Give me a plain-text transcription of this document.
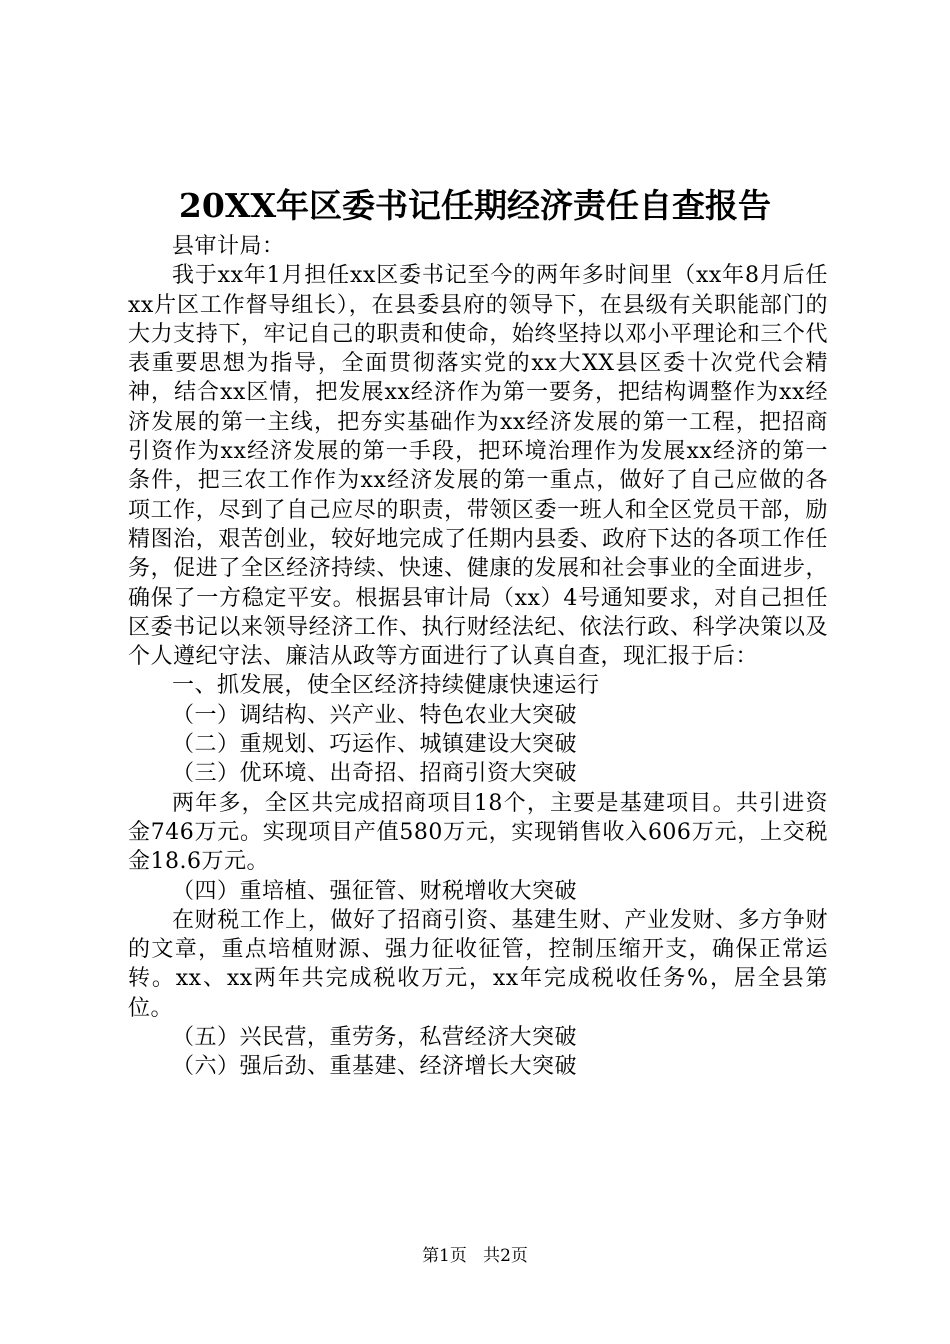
20XX年区委书记任期经济责任自查报告

县审计局：

我于xx年1月担任xx区委书记至今的两年多时间里（xx年8月后任xx片区工作督导组长），在县委县府的领导下，在县级有关职能部门的大力支持下，牢记自己的职责和使命，始终坚持以邓小平理论和三个代表重要思想为指导，全面贯彻落实党的xx大XX县区委十次党代会精神，结合xx区情，把发展xx经济作为第一要务，把结构调整作为xx经济发展的第一主线，把夯实基础作为xx经济发展的第一工程，把招商引资作为xx经济发展的第一手段，把环境治理作为发展xx经济的第一条件，把三农工作作为xx经济发展的第一重点，做好了自己应做的各项工作，尽到了自己应尽的职责，带领区委一班人和全区党员干部，励精图治，艰苦创业，较好地完成了任期内县委、政府下达的各项工作任务，促进了全区经济持续、快速、健康的发展和社会事业的全面进步，确保了一方稳定平安。根据县审计局（xx）4号通知要求，对自己担任区委书记以来领导经济工作、执行财经法纪、依法行政、科学决策以及个人遵纪守法、廉洁从政等方面进行了认真自查，现汇报于后：

一、抓发展，使全区经济持续健康快速运行

（一）调结构、兴产业、特色农业大突破

（二）重规划、巧运作、城镇建设大突破

（三）优环境、出奇招、招商引资大突破

两年多，全区共完成招商项目18个，主要是基建项目。共引进资金746万元。实现项目产值580万元，实现销售收入606万元，上交税金18.6万元。

（四）重培植、强征管、财税增收大突破

在财税工作上，做好了招商引资、基建生财、产业发财、多方争财的文章，重点培植财源、强力征收征管，控制压缩开支，确保正常运转。xx、xx两年共完成税收万元，xx年完成税收任务%，居全县第位。

（五）兴民营，重劳务，私营经济大突破

（六）强后劲、重基建、经济增长大突破

第1页 共2页
